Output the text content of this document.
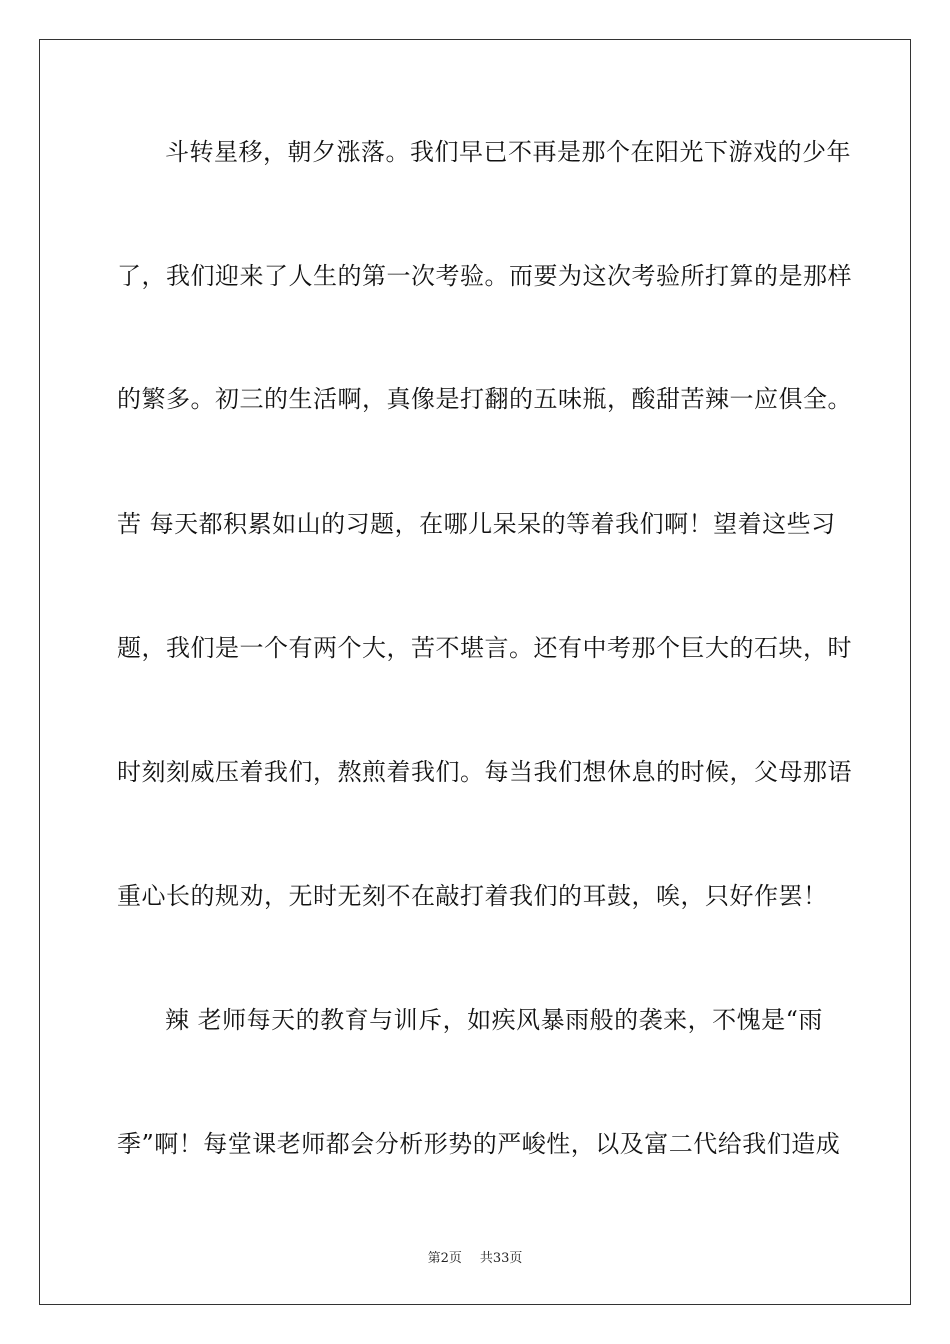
斗转星移，朝夕涨落。我们早已不再是那个在阳光下游戏的少年
了，我们迎来了人生的第一次考验。而要为这次考验所打算的是那样
的繁多。初三的生活啊，真像是打翻的五味瓶，酸甜苦辣一应俱全。
苦 每天都积累如山的习题，在哪儿呆呆的等着我们啊！望着这些习
题，我们是一个有两个大，苦不堪言。还有中考那个巨大的石块，时
时刻刻威压着我们，熬煎着我们。每当我们想休息的时候，父母那语
重心长的规劝，无时无刻不在敲打着我们的耳鼓，唉，只好作罢！
辣 老师每天的教育与训斥，如疾风暴雨般的袭来，不愧是“雨
季”啊！每堂课老师都会分析形势的严峻性，以及富二代给我们造成
第2页 共33页
